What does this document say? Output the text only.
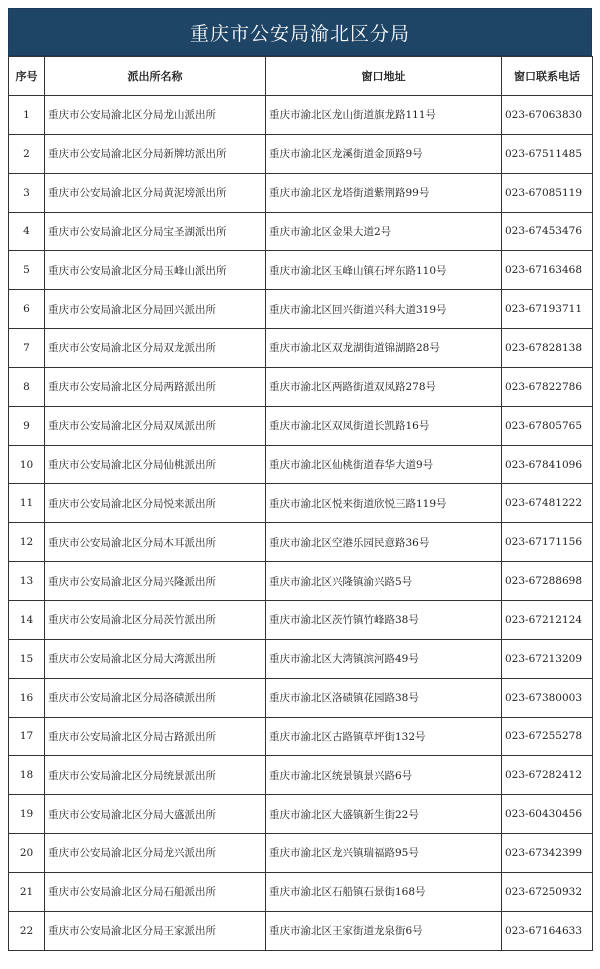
重庆市公安局渝北区分局
序号	派出所名称	窗口地址	窗口联系电话
1	重庆市公安局渝北区分局龙山派出所	重庆市渝北区龙山街道旗龙路111号	023-67063830
2	重庆市公安局渝北区分局新牌坊派出所	重庆市渝北区龙溪街道金顶路9号	023-67511485
3	重庆市公安局渝北区分局黄泥塝派出所	重庆市渝北区龙塔街道紫荆路99号	023-67085119
4	重庆市公安局渝北区分局宝圣湖派出所	重庆市渝北区金果大道2号	023-67453476
5	重庆市公安局渝北区分局玉峰山派出所	重庆市渝北区玉峰山镇石坪东路110号	023-67163468
6	重庆市公安局渝北区分局回兴派出所	重庆市渝北区回兴街道兴科大道319号	023-67193711
7	重庆市公安局渝北区分局双龙派出所	重庆市渝北区双龙湖街道锦湖路28号	023-67828138
8	重庆市公安局渝北区分局两路派出所	重庆市渝北区两路街道双凤路278号	023-67822786
9	重庆市公安局渝北区分局双凤派出所	重庆市渝北区双凤街道长凯路16号	023-67805765
10	重庆市公安局渝北区分局仙桃派出所	重庆市渝北区仙桃街道春华大道9号	023-67841096
11	重庆市公安局渝北区分局悦来派出所	重庆市渝北区悦来街道欣悦三路119号	023-67481222
12	重庆市公安局渝北区分局木耳派出所	重庆市渝北区空港乐园民意路36号	023-67171156
13	重庆市公安局渝北区分局兴隆派出所	重庆市渝北区兴隆镇渝兴路5号	023-67288698
14	重庆市公安局渝北区分局茨竹派出所	重庆市渝北区茨竹镇竹峰路38号	023-67212124
15	重庆市公安局渝北区分局大湾派出所	重庆市渝北区大湾镇滨河路49号	023-67213209
16	重庆市公安局渝北区分局洛碛派出所	重庆市渝北区洛碛镇花园路38号	023-67380003
17	重庆市公安局渝北区分局古路派出所	重庆市渝北区古路镇草坪街132号	023-67255278
18	重庆市公安局渝北区分局统景派出所	重庆市渝北区统景镇景兴路6号	023-67282412
19	重庆市公安局渝北区分局大盛派出所	重庆市渝北区大盛镇新生街22号	023-60430456
20	重庆市公安局渝北区分局龙兴派出所	重庆市渝北区龙兴镇瑞福路95号	023-67342399
21	重庆市公安局渝北区分局石船派出所	重庆市渝北区石船镇石景街168号	023-67250932
22	重庆市公安局渝北区分局王家派出所	重庆市渝北区王家街道龙泉街6号	023-67164633
